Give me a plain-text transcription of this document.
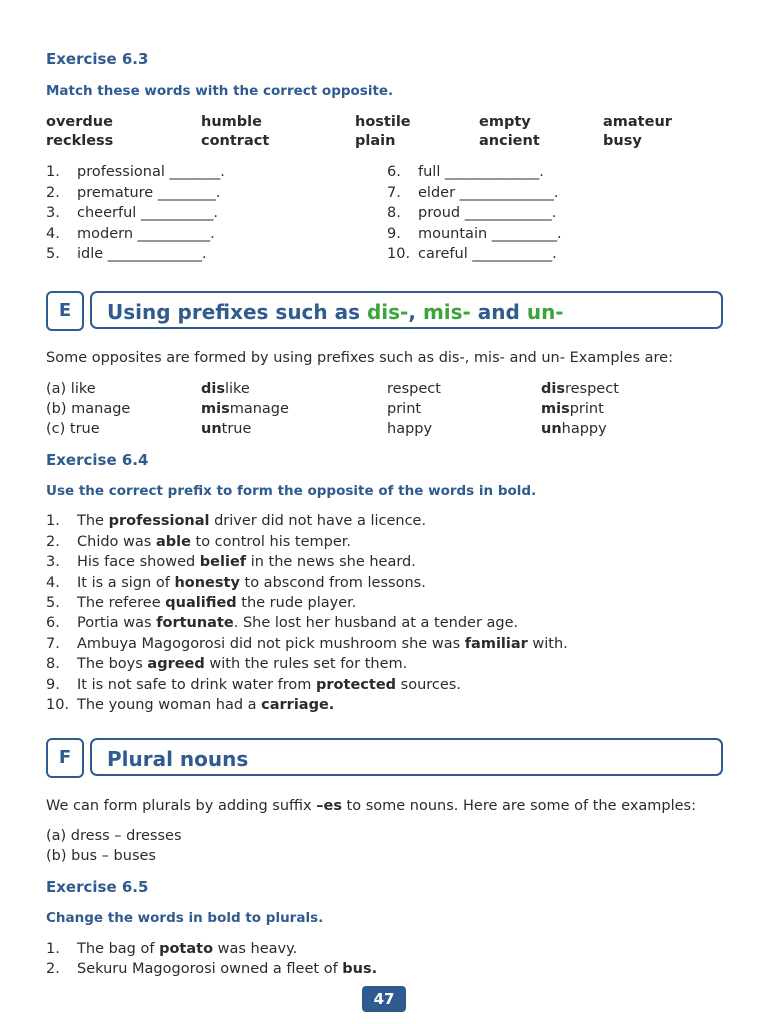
Exercise 6.3
Match these words with the correct opposite.
overdue	humble	hostile	empty	amateur
reckless	contract	plain	ancient	busy
1. professional _______.
2. premature ________.
3. cheerful __________.
4. modern __________.
5. idle _____________.
6. full _____________.
7. elder _____________.
8. proud ____________.
9. mountain _________.
10. careful ___________.
E	Using prefixes such as dis-, mis- and un-
Some opposites are formed by using prefixes such as dis-, mis- and un- Examples are:
(a) like	dislike	respect	disrespect
(b) manage	mismanage	print	misprint
(c) true	untrue	happy	unhappy
Exercise 6.4
Use the correct prefix to form the opposite of the words in bold.
1. The professional driver did not have a licence.
2. Chido was able to control his temper.
3. His face showed belief in the news she heard.
4. It is a sign of honesty to abscond from lessons.
5. The referee qualified the rude player.
6. Portia was fortunate. She lost her husband at a tender age.
7. Ambuya Magogorosi did not pick mushroom she was familiar with.
8. The boys agreed with the rules set for them.
9. It is not safe to drink water from protected sources.
10. The young woman had a carriage.
F	Plural nouns
We can form plurals by adding suffix –es to some nouns. Here are some of the examples:
(a) dress – dresses
(b) bus – buses
Exercise 6.5
Change the words in bold to plurals.
1. The bag of potato was heavy.
2. Sekuru Magogorosi owned a fleet of bus.
47
